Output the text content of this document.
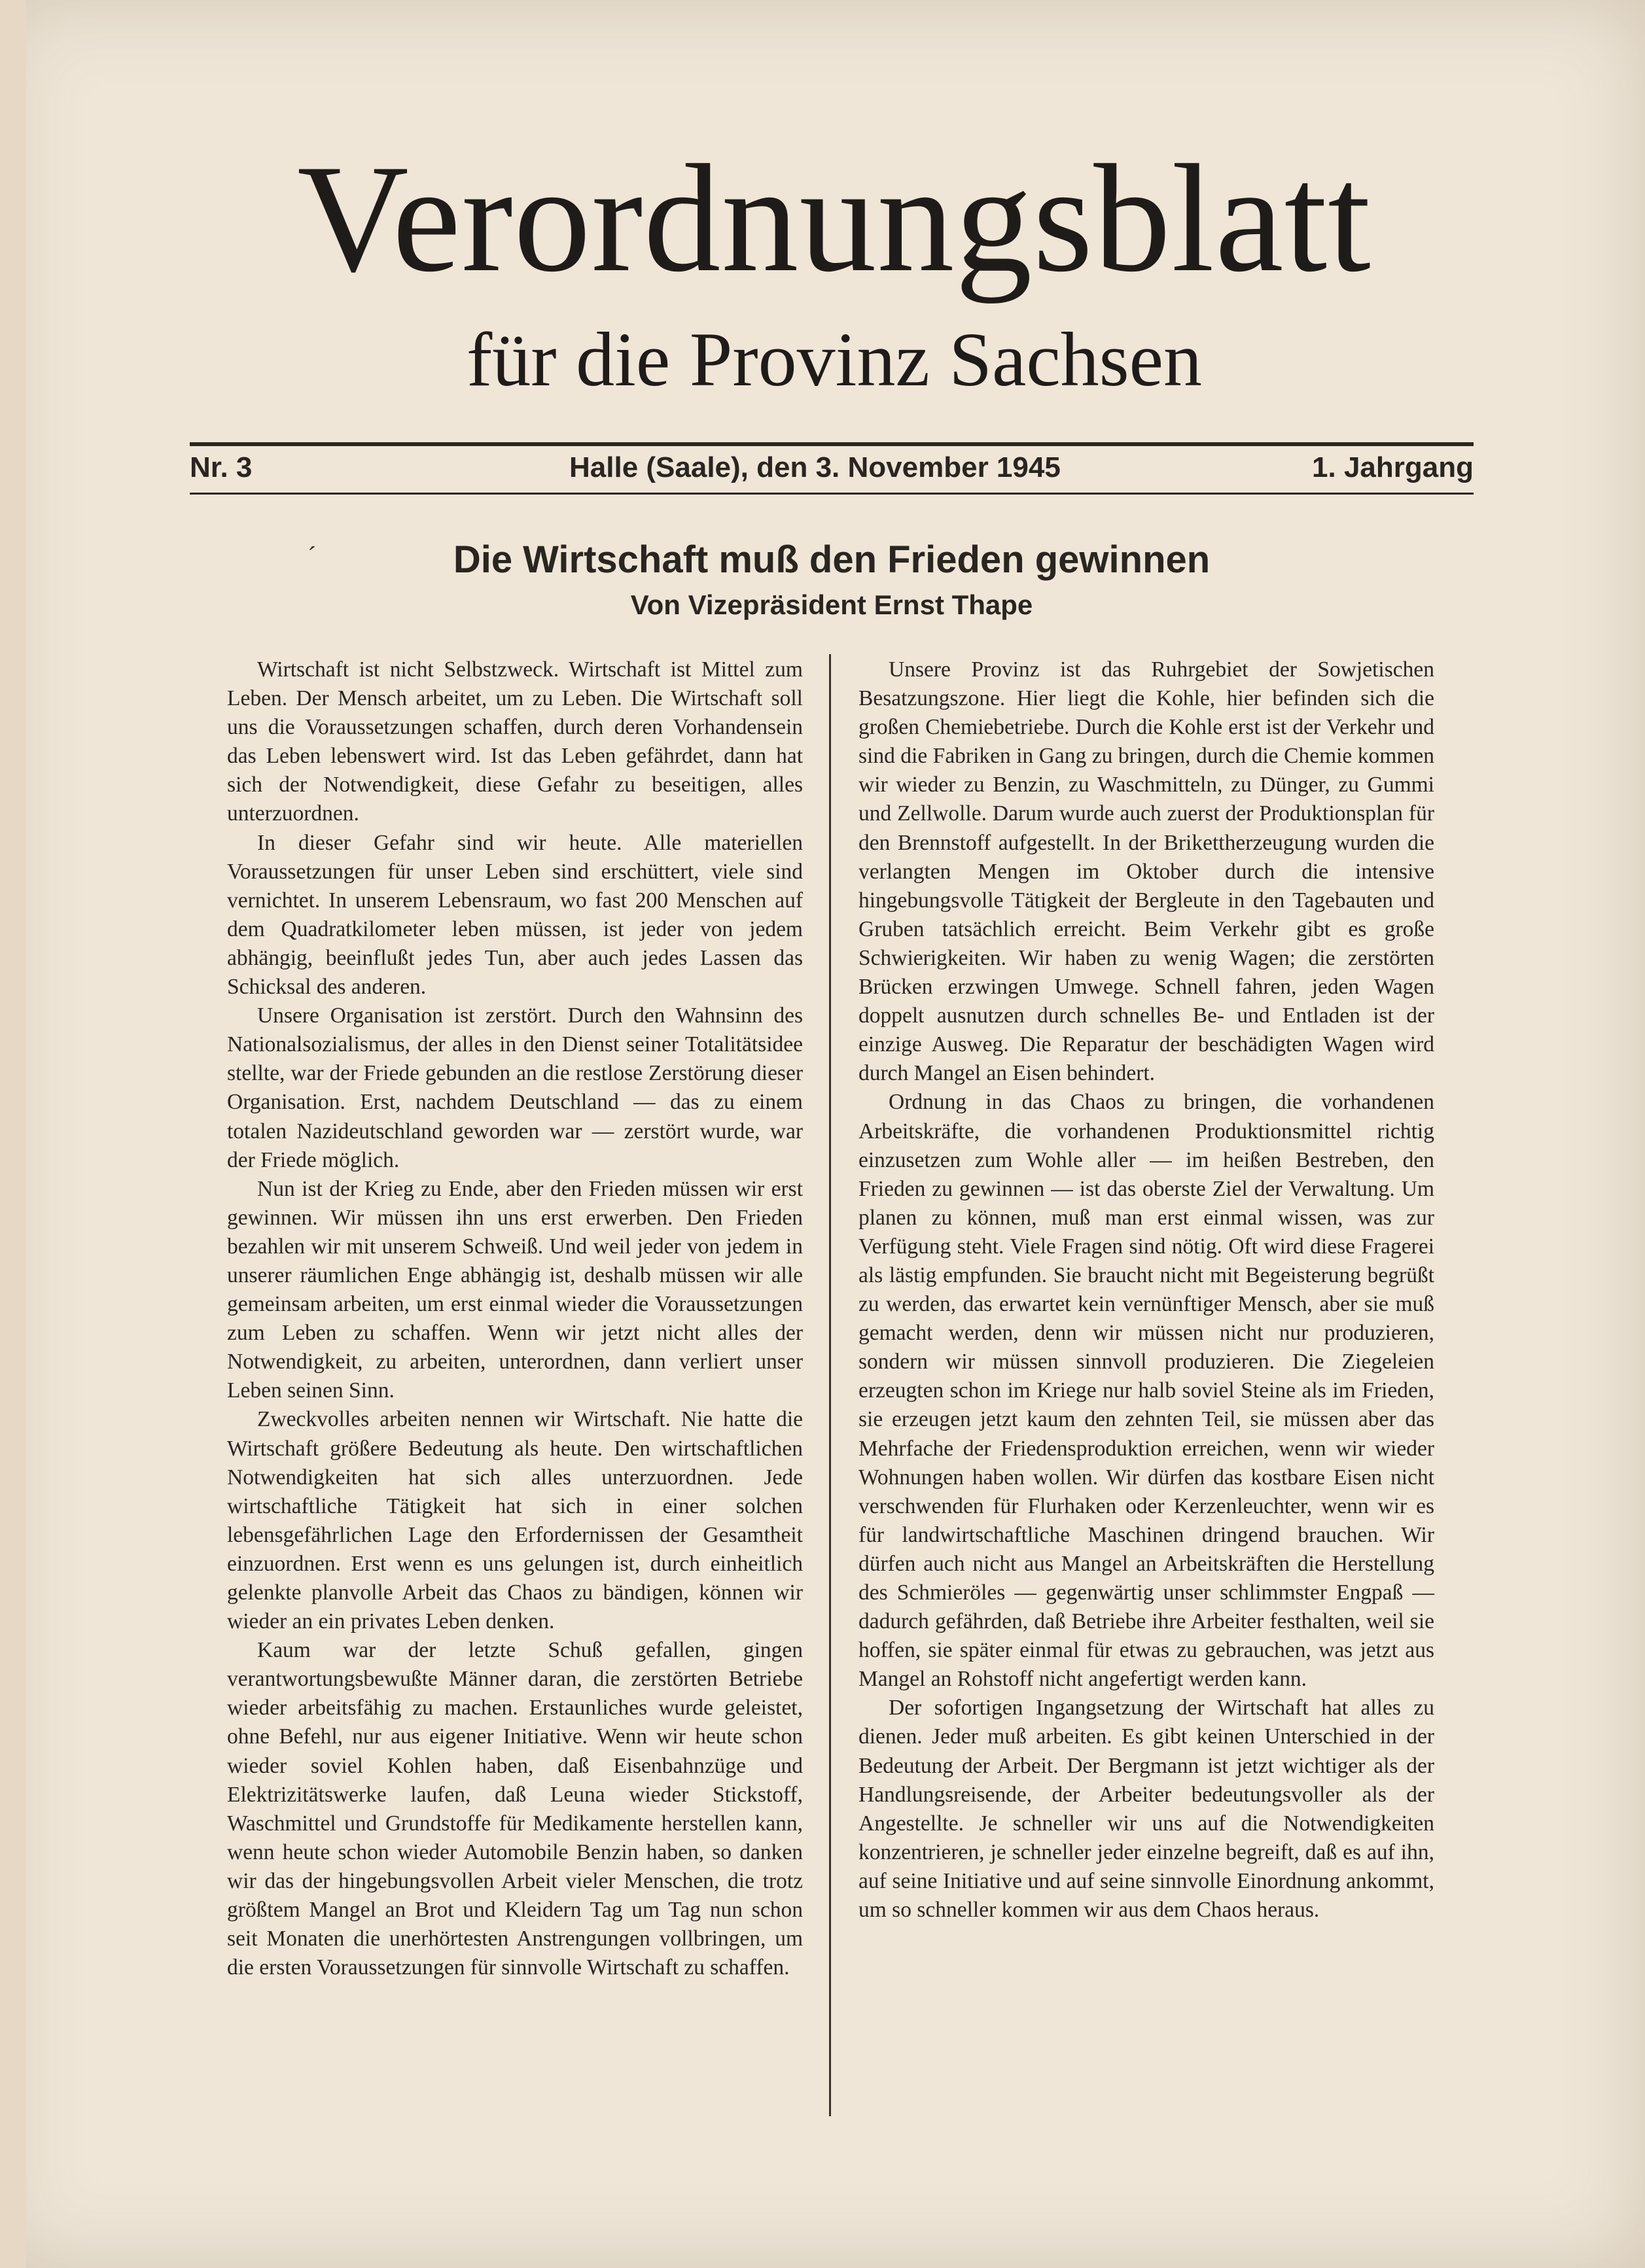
Verordnungsblatt

für die Provinz Sachsen

Nr. 3	Halle (Saale), den 3. November 1945	1. Jahrgang
´	Die Wirtschaft muß den Frieden gewinnen

Von Vizepräsident Ernst Thape

Wirtschaft ist nicht Selbstzweck. Wirtschaft ist Mittel zum Leben. Der Mensch arbeitet, um zu Leben. Die Wirtschaft soll uns die Voraussetzungen schaffen, durch deren Vorhandensein das Leben lebenswert wird. Ist das Leben gefährdet, dann hat sich der Notwendigkeit, diese Gefahr zu beseitigen, alles unterzuordnen.

In dieser Gefahr sind wir heute. Alle materiellen Voraussetzungen für unser Leben sind erschüttert, viele sind vernichtet. In unserem Lebensraum, wo fast 200 Menschen auf dem Quadratkilometer leben müssen, ist jeder von jedem abhängig, beeinflußt jedes Tun, aber auch jedes Lassen das Schicksal des anderen.

Unsere Organisation ist zerstört. Durch den Wahnsinn des Nationalsozialismus, der alles in den Dienst seiner Totalitätsidee stellte, war der Friede gebunden an die restlose Zerstörung dieser Organisation. Erst, nachdem Deutschland — das zu einem totalen Nazideutschland geworden war — zerstört wurde, war der Friede möglich.

Nun ist der Krieg zu Ende, aber den Frieden müssen wir erst gewinnen. Wir müssen ihn uns erst erwerben. Den Frieden bezahlen wir mit unserem Schweiß. Und weil jeder von jedem in unserer räumlichen Enge abhängig ist, deshalb müssen wir alle gemeinsam arbeiten, um erst einmal wieder die Voraussetzungen zum Leben zu schaffen. Wenn wir jetzt nicht alles der Notwendigkeit, zu arbeiten, unterordnen, dann verliert unser Leben seinen Sinn.

Zweckvolles arbeiten nennen wir Wirtschaft. Nie hatte die Wirtschaft größere Bedeutung als heute. Den wirtschaftlichen Notwendigkeiten hat sich alles unterzuordnen. Jede wirtschaftliche Tätigkeit hat sich in einer solchen lebensgefährlichen Lage den Erfordernissen der Gesamtheit einzuordnen. Erst wenn es uns gelungen ist, durch einheitlich gelenkte planvolle Arbeit das Chaos zu bändigen, können wir wieder an ein privates Leben denken.

Kaum war der letzte Schuß gefallen, gingen verantwortungsbewußte Männer daran, die zerstörten Betriebe wieder arbeitsfähig zu machen. Erstaunliches wurde geleistet, ohne Befehl, nur aus eigener Initiative. Wenn wir heute schon wieder soviel Kohlen haben, daß Eisenbahnzüge und Elektrizitätswerke laufen, daß Leuna wieder Stickstoff, Waschmittel und Grundstoffe für Medikamente herstellen kann, wenn heute schon wieder Automobile Benzin haben, so danken wir das der hingebungsvollen Arbeit vieler Menschen, die trotz größtem Mangel an Brot und Kleidern Tag um Tag nun schon seit Monaten die unerhörtesten Anstrengungen vollbringen, um die ersten Voraussetzungen für sinnvolle Wirtschaft zu schaffen.

Unsere Provinz ist das Ruhrgebiet der Sowjetischen Besatzungszone. Hier liegt die Kohle, hier befinden sich die großen Chemiebetriebe. Durch die Kohle erst ist der Verkehr und sind die Fabriken in Gang zu bringen, durch die Chemie kommen wir wieder zu Benzin, zu Waschmitteln, zu Dünger, zu Gummi und Zellwolle. Darum wurde auch zuerst der Produktionsplan für den Brennstoff aufgestellt. In der Brikettherzeugung wurden die verlangten Mengen im Oktober durch die intensive hingebungsvolle Tätigkeit der Bergleute in den Tagebauten und Gruben tatsächlich erreicht. Beim Verkehr gibt es große Schwierigkeiten. Wir haben zu wenig Wagen; die zerstörten Brücken erzwingen Umwege. Schnell fahren, jeden Wagen doppelt ausnutzen durch schnelles Be- und Entladen ist der einzige Ausweg. Die Reparatur der beschädigten Wagen wird durch Mangel an Eisen behindert.

Ordnung in das Chaos zu bringen, die vorhandenen Arbeitskräfte, die vorhandenen Produktionsmittel richtig einzusetzen zum Wohle aller — im heißen Bestreben, den Frieden zu gewinnen — ist das oberste Ziel der Verwaltung. Um planen zu können, muß man erst einmal wissen, was zur Verfügung steht. Viele Fragen sind nötig. Oft wird diese Fragerei als lästig empfunden. Sie braucht nicht mit Begeisterung begrüßt zu werden, das erwartet kein vernünftiger Mensch, aber sie muß gemacht werden, denn wir müssen nicht nur produzieren, sondern wir müssen sinnvoll produzieren. Die Ziegeleien erzeugten schon im Kriege nur halb soviel Steine als im Frieden, sie erzeugen jetzt kaum den zehnten Teil, sie müssen aber das Mehrfache der Friedensproduktion erreichen, wenn wir wieder Wohnungen haben wollen. Wir dürfen das kostbare Eisen nicht verschwenden für Flurhaken oder Kerzenleuchter, wenn wir es für landwirtschaftliche Maschinen dringend brauchen. Wir dürfen auch nicht aus Mangel an Arbeitskräften die Herstellung des Schmieröles — gegenwärtig unser schlimmster Engpaß — dadurch gefährden, daß Betriebe ihre Arbeiter festhalten, weil sie hoffen, sie später einmal für etwas zu gebrauchen, was jetzt aus Mangel an Rohstoff nicht angefertigt werden kann.

Der sofortigen Ingangsetzung der Wirtschaft hat alles zu dienen. Jeder muß arbeiten. Es gibt keinen Unterschied in der Bedeutung der Arbeit. Der Bergmann ist jetzt wichtiger als der Handlungsreisende, der Arbeiter bedeutungsvoller als der Angestellte. Je schneller wir uns auf die Notwendigkeiten konzentrieren, je schneller jeder einzelne begreift, daß es auf ihn, auf seine Initiative und auf seine sinnvolle Einordnung ankommt, um so schneller kommen wir aus dem Chaos heraus.
